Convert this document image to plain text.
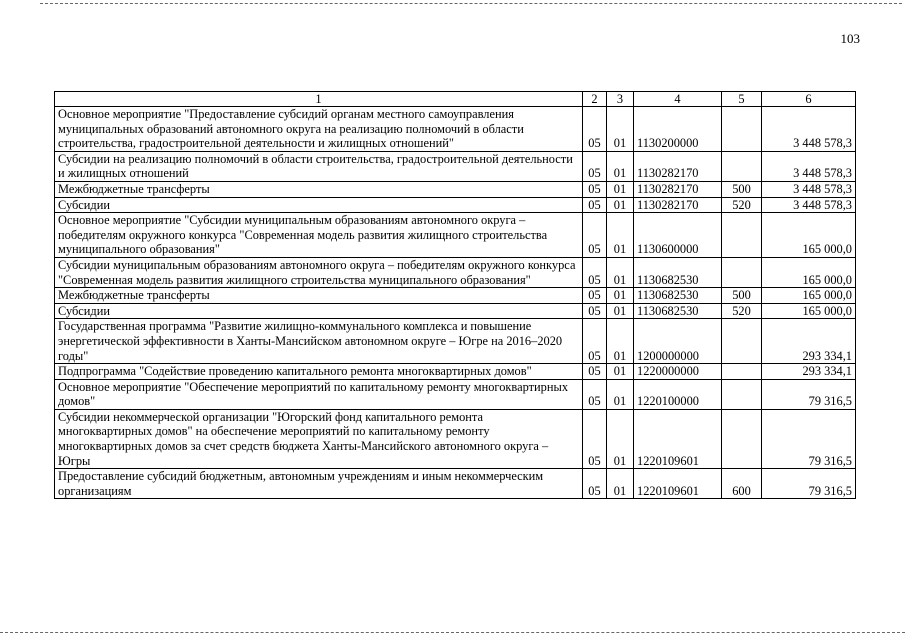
103
1	2	3	4	5	6
Основное мероприятие "Предоставление субсидий органам местного самоуправления муниципальных образований автономного округа на реализацию полномочий в области строительства, градостроительной деятельности и жилищных отношений"	05	01	1130200000		3 448 578,3
Субсидии на реализацию полномочий в области строительства, градостроительной деятельности и жилищных отношений	05	01	1130282170		3 448 578,3
Межбюджетные трансферты	05	01	1130282170	500	3 448 578,3
Субсидии	05	01	1130282170	520	3 448 578,3
Основное мероприятие "Субсидии муниципальным образованиям автономного округа – победителям окружного конкурса "Современная модель развития жилищного строительства муниципального образования"	05	01	1130600000		165 000,0
Субсидии муниципальным образованиям автономного округа – победителям окружного конкурса "Современная модель развития жилищного строительства муниципального образования"	05	01	1130682530		165 000,0
Межбюджетные трансферты	05	01	1130682530	500	165 000,0
Субсидии	05	01	1130682530	520	165 000,0
Государственная программа "Развитие жилищно-коммунального комплекса и повышение энергетической эффективности в Ханты-Мансийском автономном округе – Югре на 2016–2020 годы"	05	01	1200000000		293 334,1
Подпрограмма "Содействие проведению капитального ремонта многоквартирных домов"	05	01	1220000000		293 334,1
Основное мероприятие "Обеспечение мероприятий по капитальному ремонту многоквартирных домов"	05	01	1220100000		79 316,5
Субсидии некоммерческой организации "Югорский фонд капитального ремонта многоквартирных домов" на обеспечение мероприятий по капитальному ремонту многоквартирных домов за счет средств бюджета Ханты-Мансийского автономного округа – Югры	05	01	1220109601		79 316,5
Предоставление субсидий бюджетным, автономным учреждениям и иным некоммерческим организациям	05	01	1220109601	600	79 316,5
